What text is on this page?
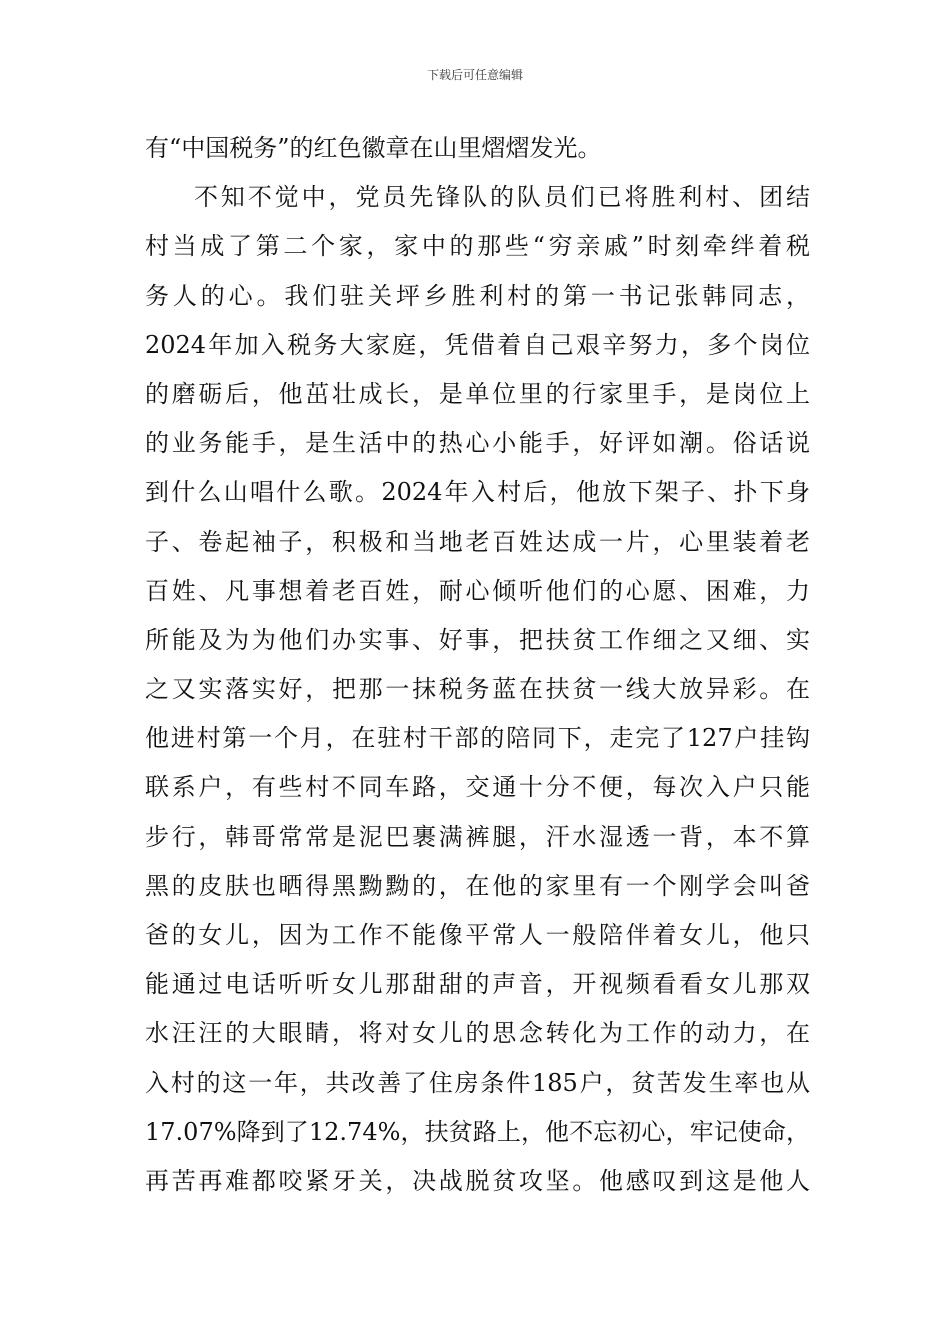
下载后可任意编辑
有“中国税务”的红色徽章在山里熠熠发光。
不知不觉中，党员先锋队的队员们已将胜利村、团结
村当成了第二个家，家中的那些“穷亲戚”时刻牵绊着税
务人的心。我们驻关坪乡胜利村的第一书记张韩同志，
2024年加入税务大家庭，凭借着自己艰辛努力，多个岗位
的磨砺后，他茁壮成长，是单位里的行家里手，是岗位上
的业务能手，是生活中的热心小能手，好评如潮。俗话说
到什么山唱什么歌。2024年入村后，他放下架子、扑下身
子、卷起袖子，积极和当地老百姓达成一片，心里装着老
百姓、凡事想着老百姓，耐心倾听他们的心愿、困难，力
所能及为为他们办实事、好事，把扶贫工作细之又细、实
之又实落实好，把那一抹税务蓝在扶贫一线大放异彩。在
他进村第一个月，在驻村干部的陪同下，走完了127户挂钩
联系户，有些村不同车路，交通十分不便，每次入户只能
步行，韩哥常常是泥巴裹满裤腿，汗水湿透一背，本不算
黑的皮肤也晒得黑黝黝的，在他的家里有一个刚学会叫爸
爸的女儿，因为工作不能像平常人一般陪伴着女儿，他只
能通过电话听听女儿那甜甜的声音，开视频看看女儿那双
水汪汪的大眼睛，将对女儿的思念转化为工作的动力，在
入村的这一年，共改善了住房条件185户，贫苦发生率也从
17.07%降到了12.74%，扶贫路上，他不忘初心，牢记使命，
再苦再难都咬紧牙关，决战脱贫攻坚。他感叹到这是他人
